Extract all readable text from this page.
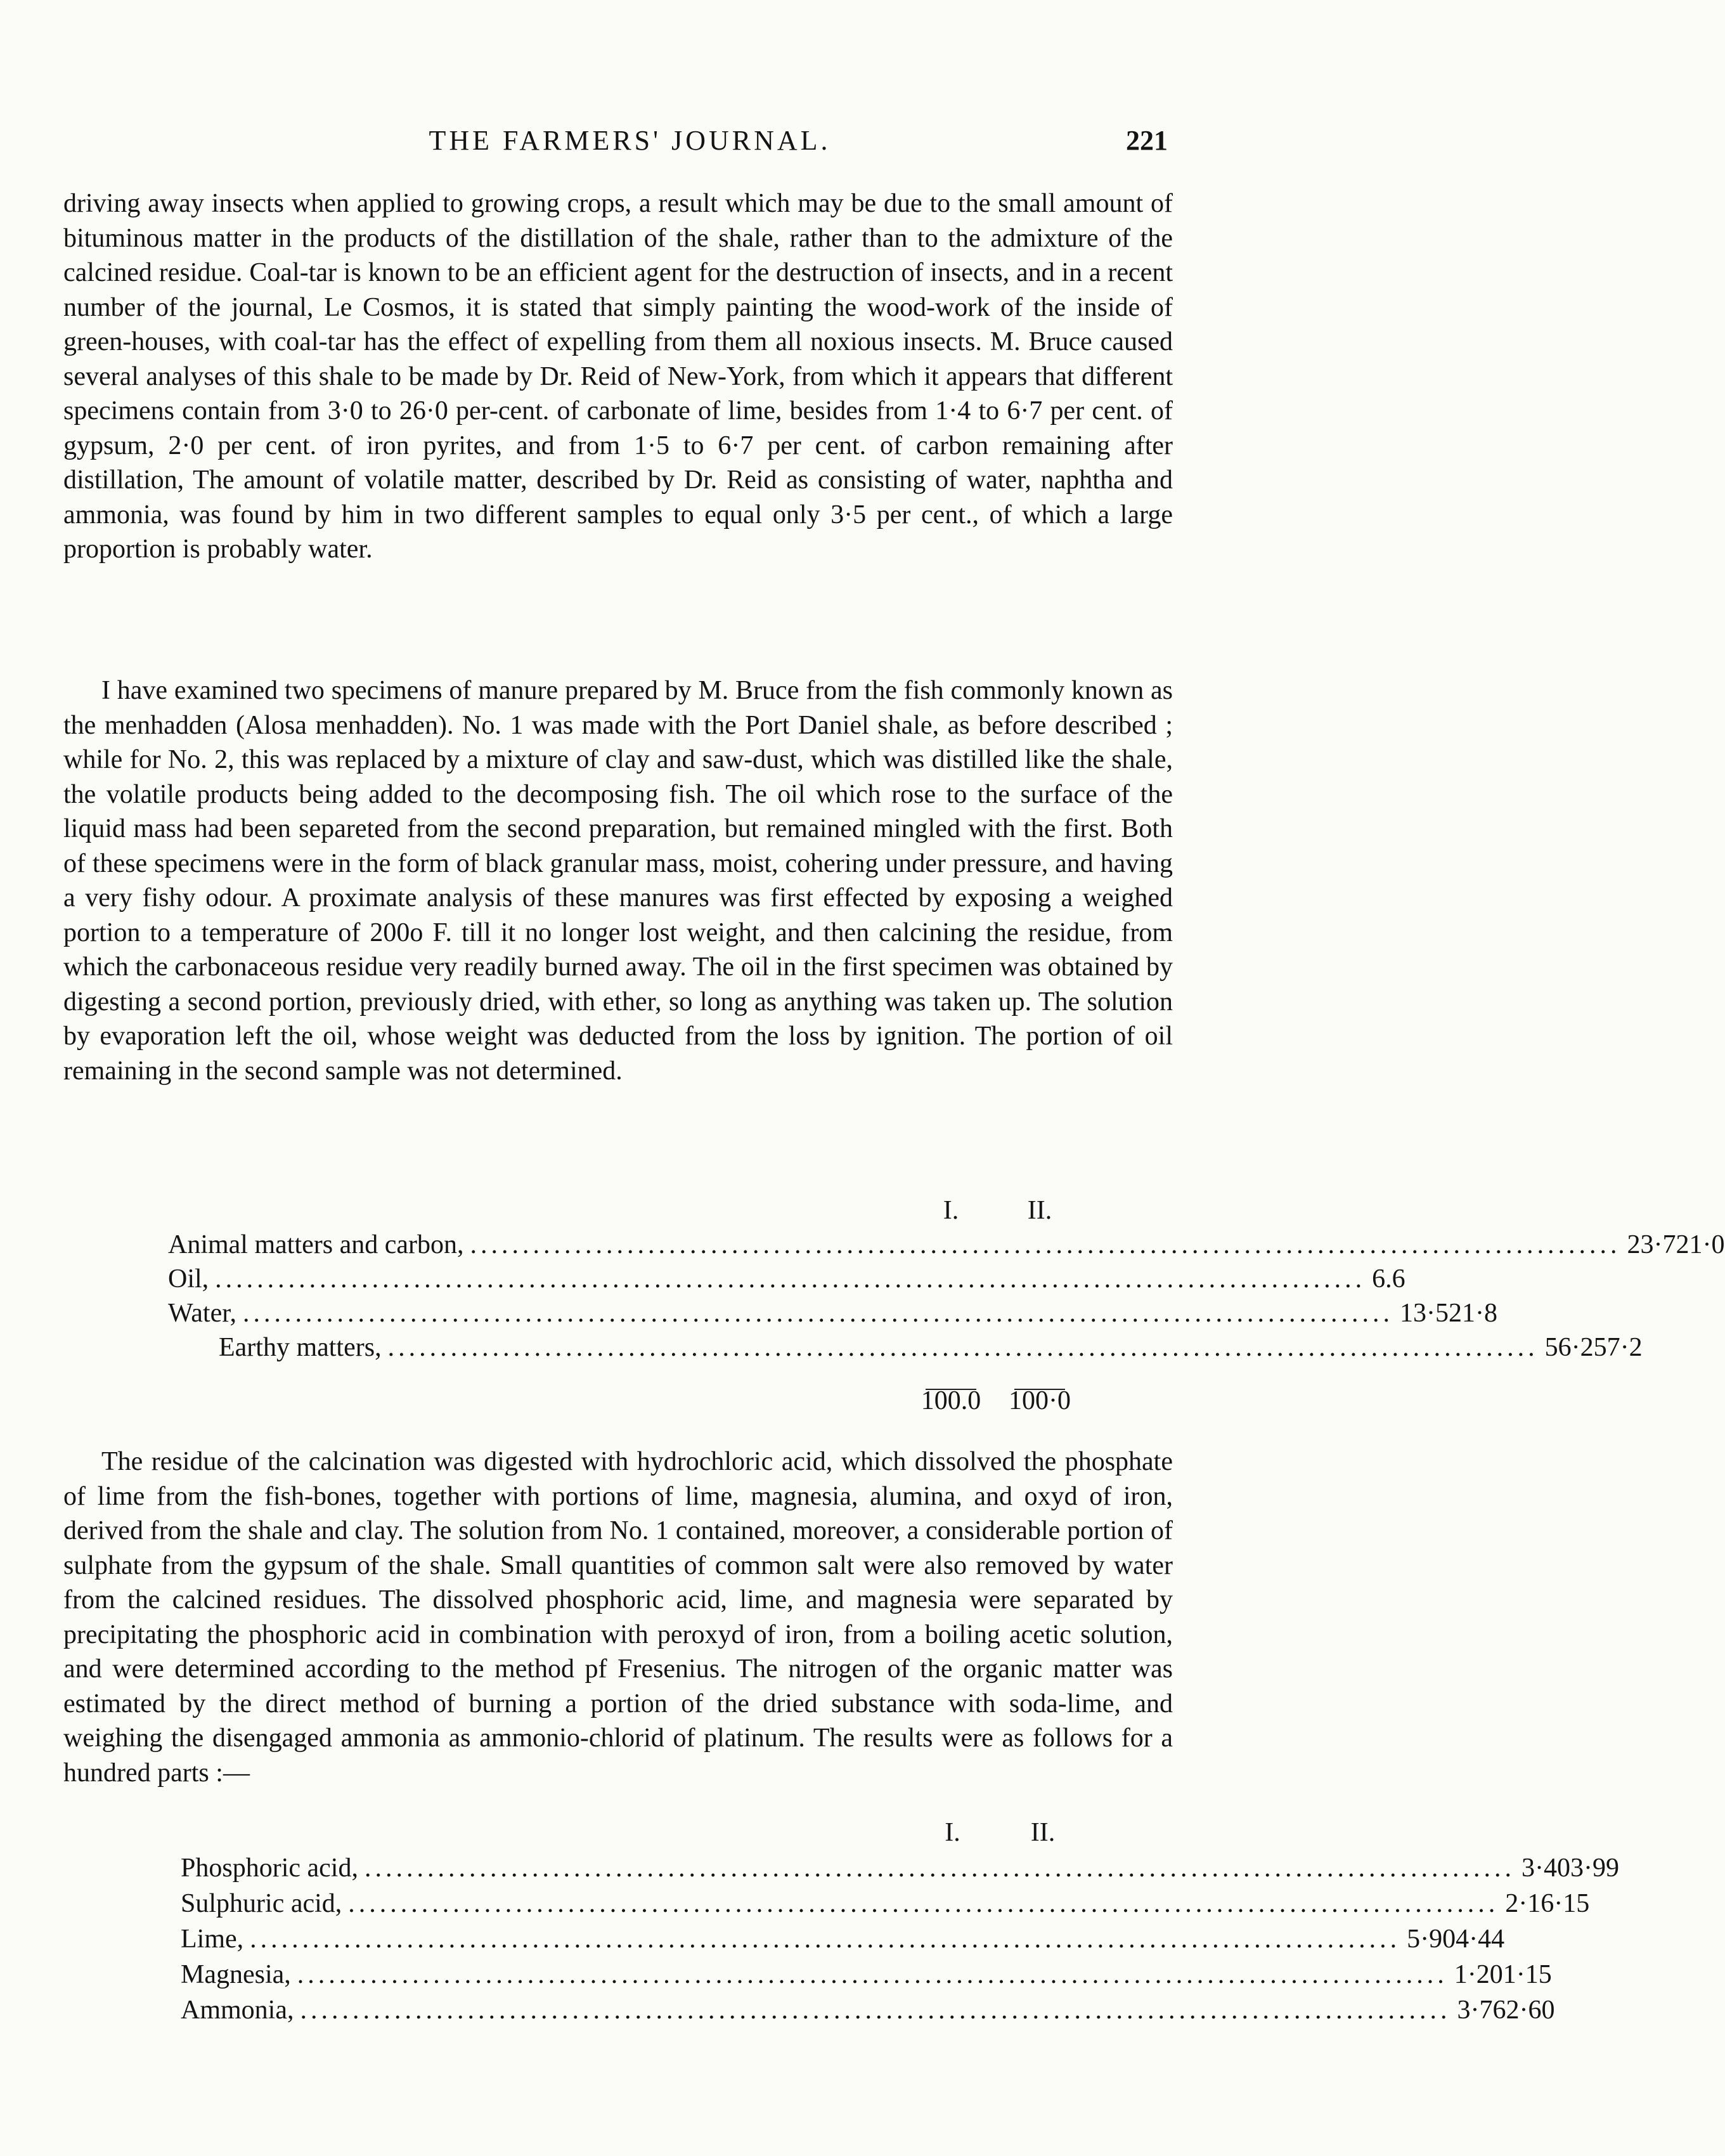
THE FARMERS' JOURNAL.	221

driving away insects when applied to growing crops, a result which may be due to the small amount of bituminous matter in the products of the distillation of the shale, rather than to the admixture of the calcined residue. Coal-tar is known to be an efficient agent for the destruction of insects, and in a recent number of the journal, Le Cosmos, it is stated that simply painting the wood-work of the inside of green-houses, with coal-tar has the effect of expelling from them all noxious insects. M. Bruce caused several analyses of this shale to be made by Dr. Reid of New-York, from which it appears that different specimens contain from 3·0 to 26·0 per-cent. of carbonate of lime, besides from 1·4 to 6·7 per cent. of gypsum, 2·0 per cent. of iron pyrites, and from 1·5 to 6·7 per cent. of carbon remaining after distillation, The amount of volatile matter, described by Dr. Reid as consisting of water, naphtha and ammonia, was found by him in two different samples to equal only 3·5 per cent., of which a large proportion is probably water.

I have examined two specimens of manure prepared by M. Bruce from the fish commonly known as the menhadden (Alosa menhadden). No. 1 was made with the Port Daniel shale, as before described ; while for No. 2, this was replaced by a mixture of clay and saw-dust, which was distilled like the shale, the volatile products being added to the decomposing fish. The oil which rose to the surface of the liquid mass had been separeted from the second preparation, but remained mingled with the first. Both of these specimens were in the form of black granular mass, moist, cohering under pressure, and having a very fishy odour. A proximate analysis of these manures was first effected by exposing a weighed portion to a temperature of 200o F. till it no longer lost weight, and then calcining the residue, from which the carbonaceous residue very readily burned away. The oil in the first specimen was obtained by digesting a second portion, previously dried, with ether, so long as anything was taken up. The solution by evaporation left the oil, whose weight was deducted from the loss by ignition. The portion of oil remaining in the second sample was not determined.

I.	II.
Animal matters and carbon, .............................................................................................................. 23·7 21·0
Oil, .............................................................................................................. 6.6
Water, .............................................................................................................. 13·5 21·8
Earthy matters, .............................................................................................................. 56·2 57·2
100.0	100·0

The residue of the calcination was digested with hydrochloric acid, which dissolved the phosphate of lime from the fish-bones, together with portions of lime, magnesia, alumina, and oxyd of iron, derived from the shale and clay. The solution from No. 1 contained, moreover, a considerable portion of sulphate from the gypsum of the shale. Small quantities of common salt were also removed by water from the calcined residues. The dissolved phosphoric acid, lime, and magnesia were separated by precipitating the phosphoric acid in combination with peroxyd of iron, from a boiling acetic solution, and were determined according to the method pf Fresenius. The nitrogen of the organic matter was estimated by the direct method of burning a portion of the dried substance with soda-lime, and weighing the disengaged ammonia as ammonio-chlorid of platinum. The results were as follows for a hundred parts :—

I.	II.
Phosphoric acid, .............................................................................................................. 3·40 3·99
Sulphuric acid, .............................................................................................................. 2·16 ·15
Lime, .............................................................................................................. 5·90 4·44
Magnesia, .............................................................................................................. 1·20 1·15
Ammonia, .............................................................................................................. 3·76 2·60
